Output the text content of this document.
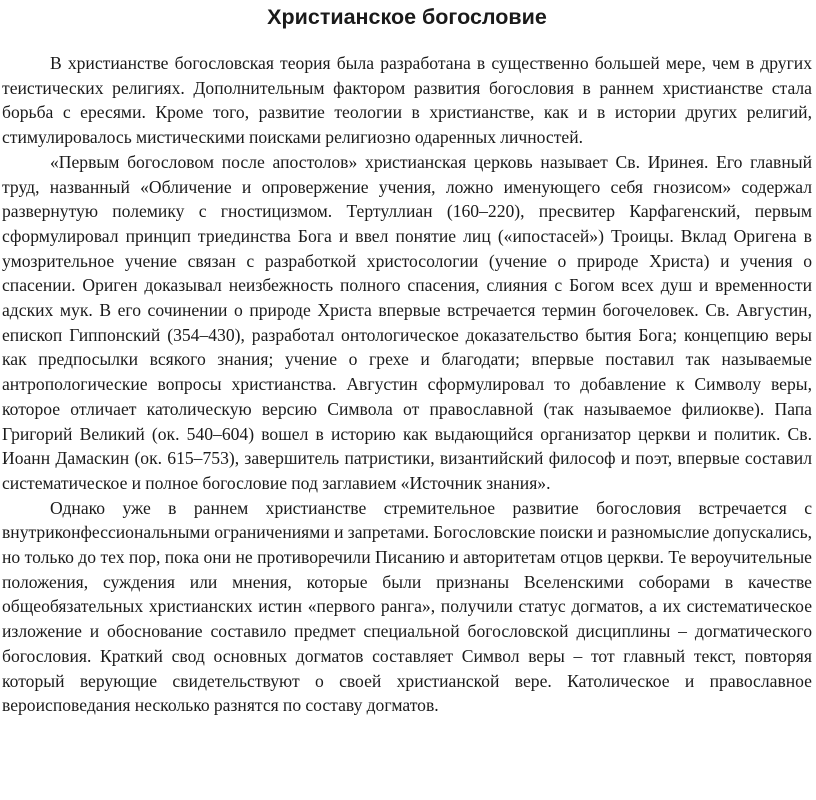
Христианское богословие

В христианстве богословская теория была разработана в существенно большей мере, чем в других теистических религиях. Дополнительным фактором развития богословия в раннем христианстве стала борьба с ересями. Кроме того, развитие теологии в христианстве, как и в истории других религий, стимулировалось мистическими поисками религиозно одаренных личностей.

«Первым богословом после апостолов» христианская церковь называет Св. Иринея. Его главный труд, названный «Обличение и опровержение учения, ложно именующего себя гнозисом» содержал развернутую полемику с гностицизмом. Тертуллиан (160–220), пресвитер Карфагенский, первым сформулировал принцип триединства Бога и ввел понятие лиц («ипостасей») Троицы. Вклад Оригена в умозрительное учение связан с разработкой христосологии (учение о природе Христа) и учения о спасении. Ориген доказывал неизбежность полного спасения, слияния с Богом всех душ и временности адских мук. В его сочинении о природе Христа впервые встречается термин богочеловек. Св. Августин, епископ Гиппонский (354–430), разработал онтологическое доказательство бытия Бога; концепцию веры как предпосылки всякого знания; учение о грехе и благодати; впервые поставил так называемые антропологические вопросы христианства. Августин сформулировал то добавление к Символу веры, которое отличает католическую версию Символа от православной (так называемое филиокве). Папа Григорий Великий (ок. 540–604) вошел в историю как выдающийся организатор церкви и политик. Св. Иоанн Дамаскин (ок. 615–753), завершитель патристики, византийский философ и поэт, впервые составил систематическое и полное богословие под заглавием «Источник знания».

Однако уже в раннем христианстве стремительное развитие богословия встречается с внутриконфессиональными ограничениями и запретами. Богословские поиски и разномыслие допускались, но только до тех пор, пока они не противоречили Писанию и авторитетам отцов церкви. Те вероучительные положения, суждения или мнения, которые были признаны Вселенскими соборами в качестве общеобязательных христианских истин «первого ранга», получили статус догматов, а их систематическое изложение и обоснование составило предмет специальной богословской дисциплины – догматического богословия. Краткий свод основных догматов составляет Символ веры – тот главный текст, повторяя который верующие свидетельствуют о своей христианской вере. Католическое и православное вероисповедания несколько разнятся по составу догматов.
